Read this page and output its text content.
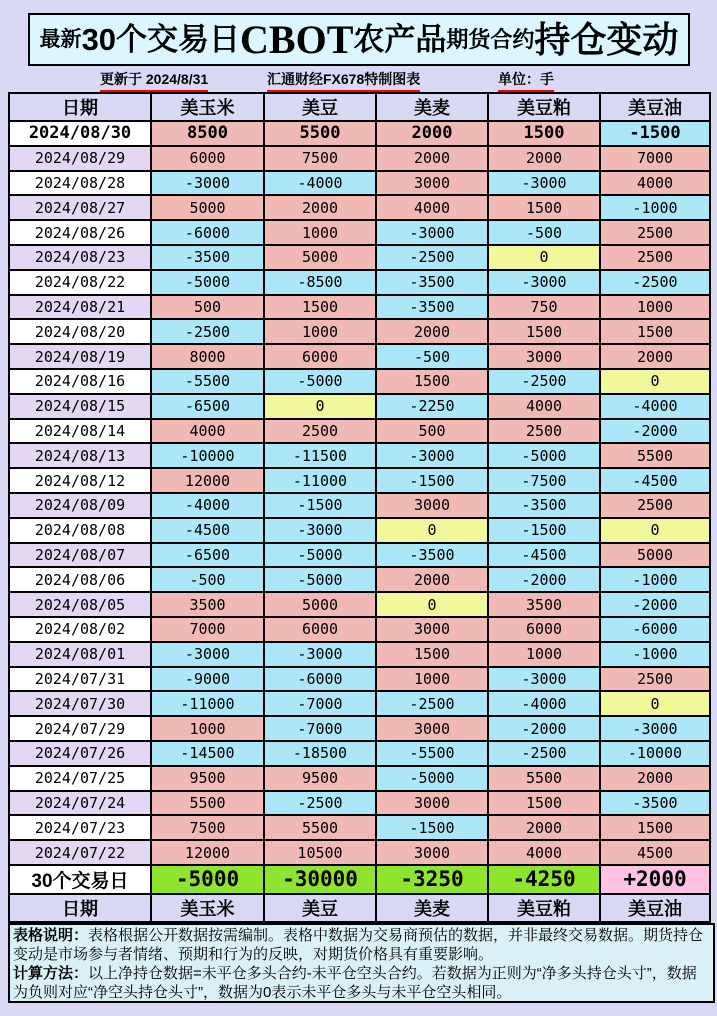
最新 30个交易日 CBOT 农产品 期货合约 持仓变动
更新于 2024/8/31	汇通财经FX678特制图表	单位：手
日期	美玉米	美豆	美麦	美豆粕	美豆油
2024/08/30	8500	5500	2000	1500	-1500
2024/08/29	6000	7500	2000	2000	7000
2024/08/28	-3000	-4000	3000	-3000	4000
2024/08/27	5000	2000	4000	1500	-1000
2024/08/26	-6000	1000	-3000	-500	2500
2024/08/23	-3500	5000	-2500	0	2500
2024/08/22	-5000	-8500	-3500	-3000	-2500
2024/08/21	500	1500	-3500	750	1000
2024/08/20	-2500	1000	2000	1500	1500
2024/08/19	8000	6000	-500	3000	2000
2024/08/16	-5500	-5000	1500	-2500	0
2024/08/15	-6500	0	-2250	4000	-4000
2024/08/14	4000	2500	500	2500	-2000
2024/08/13	-10000	-11500	-3000	-5000	5500
2024/08/12	12000	-11000	-1500	-7500	-4500
2024/08/09	-4000	-1500	3000	-3500	2500
2024/08/08	-4500	-3000	0	-1500	0
2024/08/07	-6500	-5000	-3500	-4500	5000
2024/08/06	-500	-5000	2000	-2000	-1000
2024/08/05	3500	5000	0	3500	-2000
2024/08/02	7000	6000	3000	6000	-6000
2024/08/01	-3000	-3000	1500	1000	-1000
2024/07/31	-9000	-6000	1000	-3000	2500
2024/07/30	-11000	-7000	-2500	-4000	0
2024/07/29	1000	-7000	3000	-2000	-3000
2024/07/26	-14500	-18500	-5500	-2500	-10000
2024/07/25	9500	9500	-5000	5500	2000
2024/07/24	5500	-2500	3000	1500	-3500
2024/07/23	7500	5500	-1500	2000	1500
2024/07/22	12000	10500	3000	4000	4500
30个交易日	-5000	-30000	-3250	-4250	+2000
日期	美玉米	美豆	美麦	美豆粕	美豆油
表格说明：表格根据公开数据按需编制。表格中数据为交易商预估的数据，并非最终交易数据。期货持仓变动是市场参与者情绪、预期和行为的反映，对期货价格具有重要影响。
计算方法：以上净持仓数据=未平仓多头合约-未平仓空头合约。若数据为正则为“净多头持仓头寸”，数据为负则对应“净空头持仓头寸”，数据为0表示未平仓多头与未平仓空头相同。
